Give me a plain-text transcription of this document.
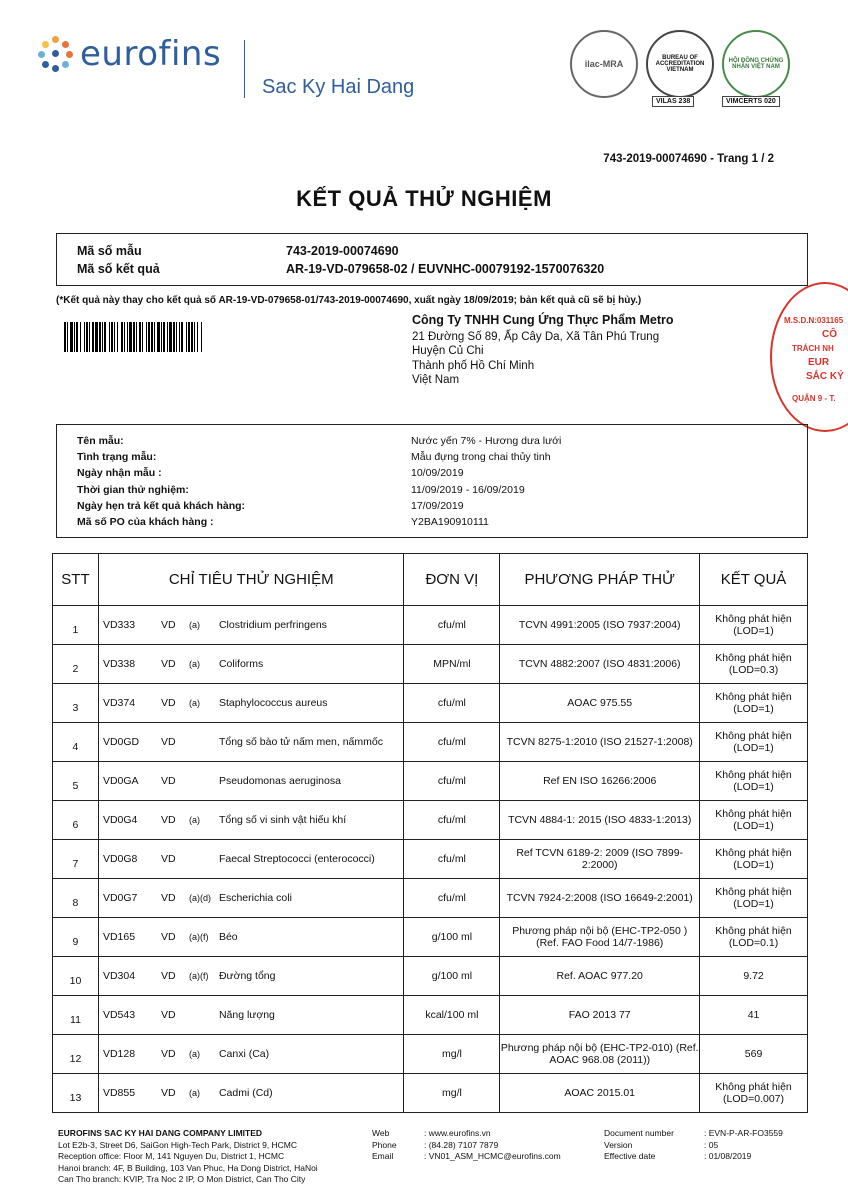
eurofins
Sac Ky Hai Dang
ilac-MRA
BUREAU OF ACCREDITATION VIETNAM
VILAS 238
HỘI ĐỒNG CHỨNG NHẬN VIỆT NAM
VIMCERTS 020
743-2019-00074690 - Trang 1 / 2
KẾT QUẢ THỬ NGHIỆM
Mã số mẫu	743-2019-00074690
Mã số kết quả	AR-19-VD-079658-02 / EUVNHC-00079192-1570076320
(*Kết quả này thay cho kết quả số AR-19-VD-079658-01/743-2019-00074690, xuất ngày 18/09/2019; bản kết quả cũ sẽ bị hủy.)
Công Ty TNHH Cung Ứng Thực Phẩm Metro
21 Đường Số 89, Ấp Cây Da, Xã Tân Phú Trung
Huyện Củ Chi
Thành phố Hồ Chí Minh
Việt Nam
M.S.D.N:031165
CÔ
TRÁCH NH
EUR
SẮC KÝ
QUẬN 9 - T.
Tên mẫu:	Nước yến 7% - Hương dưa lưới
Tình trạng mẫu:	Mẫu đựng trong chai thủy tinh
Ngày nhận mẫu :	10/09/2019
Thời gian thử nghiệm:	11/09/2019 - 16/09/2019
Ngày hẹn trả kết quả khách hàng:	17/09/2019
Mã số PO của khách hàng :	Y2BA190910111
STT	CHỈ TIÊU THỬ NGHIỆM	ĐƠN VỊ	PHƯƠNG PHÁP THỬ	KẾT QUẢ
1	VD333 VD (a) Clostridium perfringens	cfu/ml	TCVN 4991:2005 (ISO 7937:2004)	Không phát hiện (LOD=1)
2	VD338 VD (a) Coliforms	MPN/ml	TCVN 4882:2007 (ISO 4831:2006)	Không phát hiện (LOD=0.3)
3	VD374 VD (a) Staphylococcus aureus	cfu/ml	AOAC 975.55	Không phát hiện (LOD=1)
4	VD0GD VD Tổng số bào tử nấm men, nấmmốc	cfu/ml	TCVN 8275-1:2010 (ISO 21527-1:2008)	Không phát hiện (LOD=1)
5	VD0GA VD Pseudomonas aeruginosa	cfu/ml	Ref EN ISO 16266:2006	Không phát hiện (LOD=1)
6	VD0G4 VD (a) Tổng số vi sinh vật hiếu khí	cfu/ml	TCVN 4884-1: 2015 (ISO 4833-1:2013)	Không phát hiện (LOD=1)
7	VD0G8 VD Faecal Streptococci (enterococci)	cfu/ml	Ref TCVN 6189-2: 2009 (ISO 7899-2:2000)	Không phát hiện (LOD=1)
8	VD0G7 VD (a)(d) Escherichia coli	cfu/ml	TCVN 7924-2:2008 (ISO 16649-2:2001)	Không phát hiện (LOD=1)
9	VD165 VD (a)(f) Béo	g/100 ml	Phương pháp nội bộ (EHC-TP2-050 ) (Ref. FAO Food 14/7-1986)	Không phát hiện (LOD=0.1)
10	VD304 VD (a)(f) Đường tổng	g/100 ml	Ref. AOAC 977.20	9.72
11	VD543 VD Năng lượng	kcal/100 ml	FAO 2013 77	41
12	VD128 VD (a) Canxi (Ca)	mg/l	Phương pháp nội bộ (EHC-TP2-010) (Ref. AOAC 968.08 (2011))	569
13	VD855 VD (a) Cadmi (Cd)	mg/l	AOAC 2015.01	Không phát hiện (LOD=0.007)
EUROFINS SAC KY HAI DANG COMPANY LIMITED
Lot E2b-3, Street D6, SaiGon High-Tech Park, District 9, HCMC
Reception office: Floor M, 141 Nguyen Du, District 1, HCMC
Hanoi branch: 4F, B Building, 103 Van Phuc, Ha Dong District, HaNoi
Can Tho branch: KVIP, Tra Noc 2 IP, O Mon District, Can Tho City
Web
Phone
Email
: www.eurofins.vn
: (84.28) 7107 7879
: VN01_ASM_HCMC@eurofins.com
Document number
Version
Effective date
: EVN-P-AR-FO3559
: 05
: 01/08/2019
